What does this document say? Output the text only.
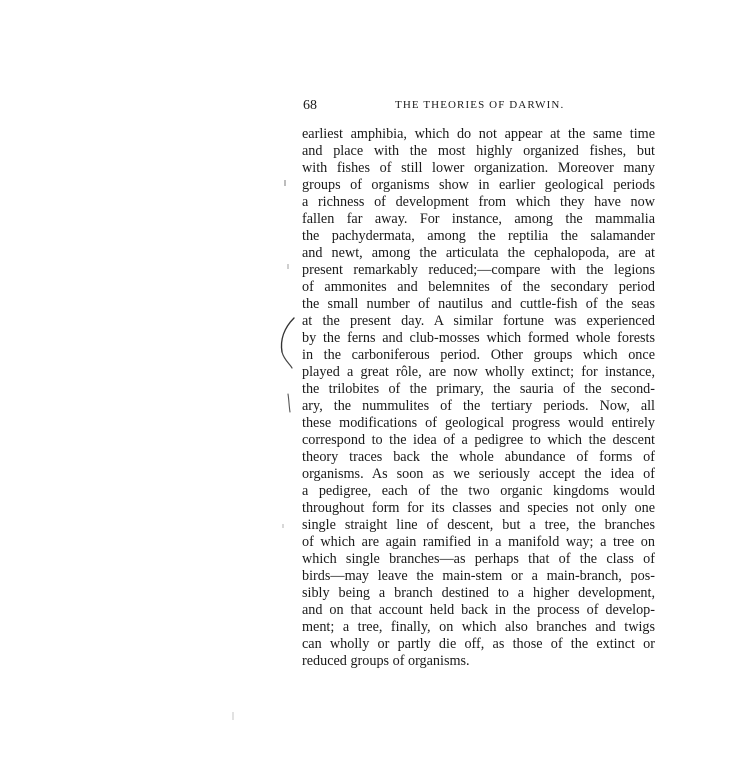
68	THE THEORIES OF DARWIN.
earliest amphibia, which do not appear at the same time
and place with the most highly organized fishes, but
with fishes of still lower organization. Moreover many
groups of organisms show in earlier geological periods
a richness of development from which they have now
fallen far away. For instance, among the mammalia
the pachydermata, among the reptilia the salamander
and newt, among the articulata the cephalopoda, are at
present remarkably reduced;—compare with the legions
of ammonites and belemnites of the secondary period
the small number of nautilus and cuttle-fish of the seas
at the present day. A similar fortune was experienced
by the ferns and club-mosses which formed whole forests
in the carboniferous period. Other groups which once
played a great rôle, are now wholly extinct; for instance,
the trilobites of the primary, the sauria of the second-
ary, the nummulites of the tertiary periods. Now, all
these modifications of geological progress would entirely
correspond to the idea of a pedigree to which the descent
theory traces back the whole abundance of forms of
organisms. As soon as we seriously accept the idea of
a pedigree, each of the two organic kingdoms would
throughout form for its classes and species not only one
single straight line of descent, but a tree, the branches
of which are again ramified in a manifold way; a tree on
which single branches—as perhaps that of the class of
birds—may leave the main-stem or a main-branch, pos-
sibly being a branch destined to a higher development,
and on that account held back in the process of develop-
ment; a tree, finally, on which also branches and twigs
can wholly or partly die off, as those of the extinct or
reduced groups of organisms.
